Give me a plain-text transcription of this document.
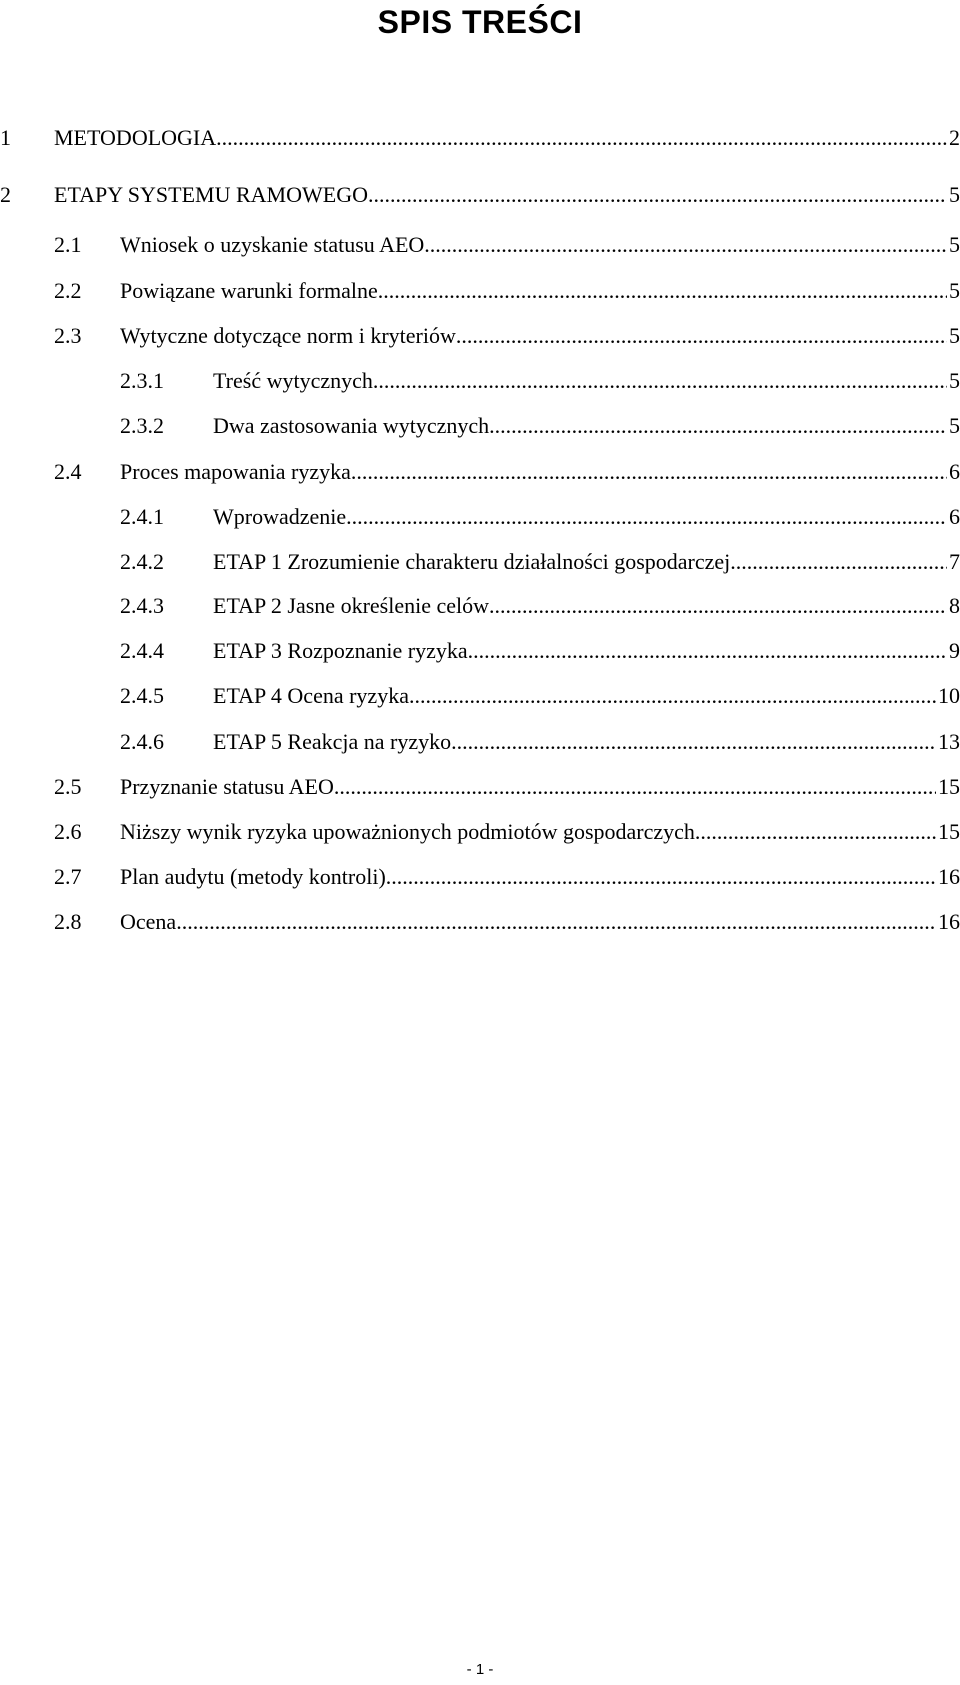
SPIS TREŚCI
1 METODOLOGIA .....	2
2 ETAPY SYSTEMU RAMOWEGO .....	5
2.1 Wniosek o uzyskanie statusu AEO .....	5
2.2 Powiązane warunki formalne .....	5
2.3 Wytyczne dotyczące norm i kryteriów .....	5
2.3.1 Treść wytycznych .....	5
2.3.2 Dwa zastosowania wytycznych .....	5
2.4 Proces mapowania ryzyka .....	6
2.4.1 Wprowadzenie .....	6
2.4.2 ETAP 1 Zrozumienie charakteru działalności gospodarczej .....	7
2.4.3 ETAP 2 Jasne określenie celów .....	8
2.4.4 ETAP 3 Rozpoznanie ryzyka .....	9
2.4.5 ETAP 4 Ocena ryzyka .....	10
2.4.6 ETAP 5 Reakcja na ryzyko .....	13
2.5 Przyznanie statusu AEO .....	15
2.6 Niższy wynik ryzyka upoważnionych podmiotów gospodarczych .....	15
2.7 Plan audytu (metody kontroli) .....	16
2.8 Ocena .....	16
- 1 -
